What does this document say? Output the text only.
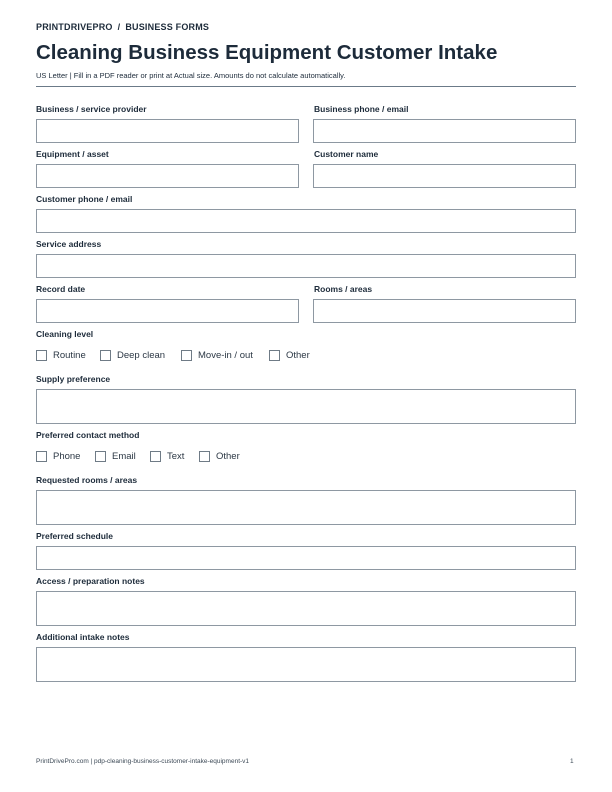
PRINTDRIVEPRO / BUSINESS FORMS
Cleaning Business Equipment Customer Intake
US Letter | Fill in a PDF reader or print at Actual size. Amounts do not calculate automatically.
Business / service provider	Business phone / email
Equipment / asset	Customer name
Customer phone / email
Service address
Record date	Rooms / areas
Cleaning level
Routine	Deep clean	Move-in / out	Other
Supply preference
Preferred contact method
Phone	Email	Text	Other
Requested rooms / areas
Preferred schedule
Access / preparation notes
Additional intake notes
PrintDrivePro.com | pdp-cleaning-business-customer-intake-equipment-v1	1
